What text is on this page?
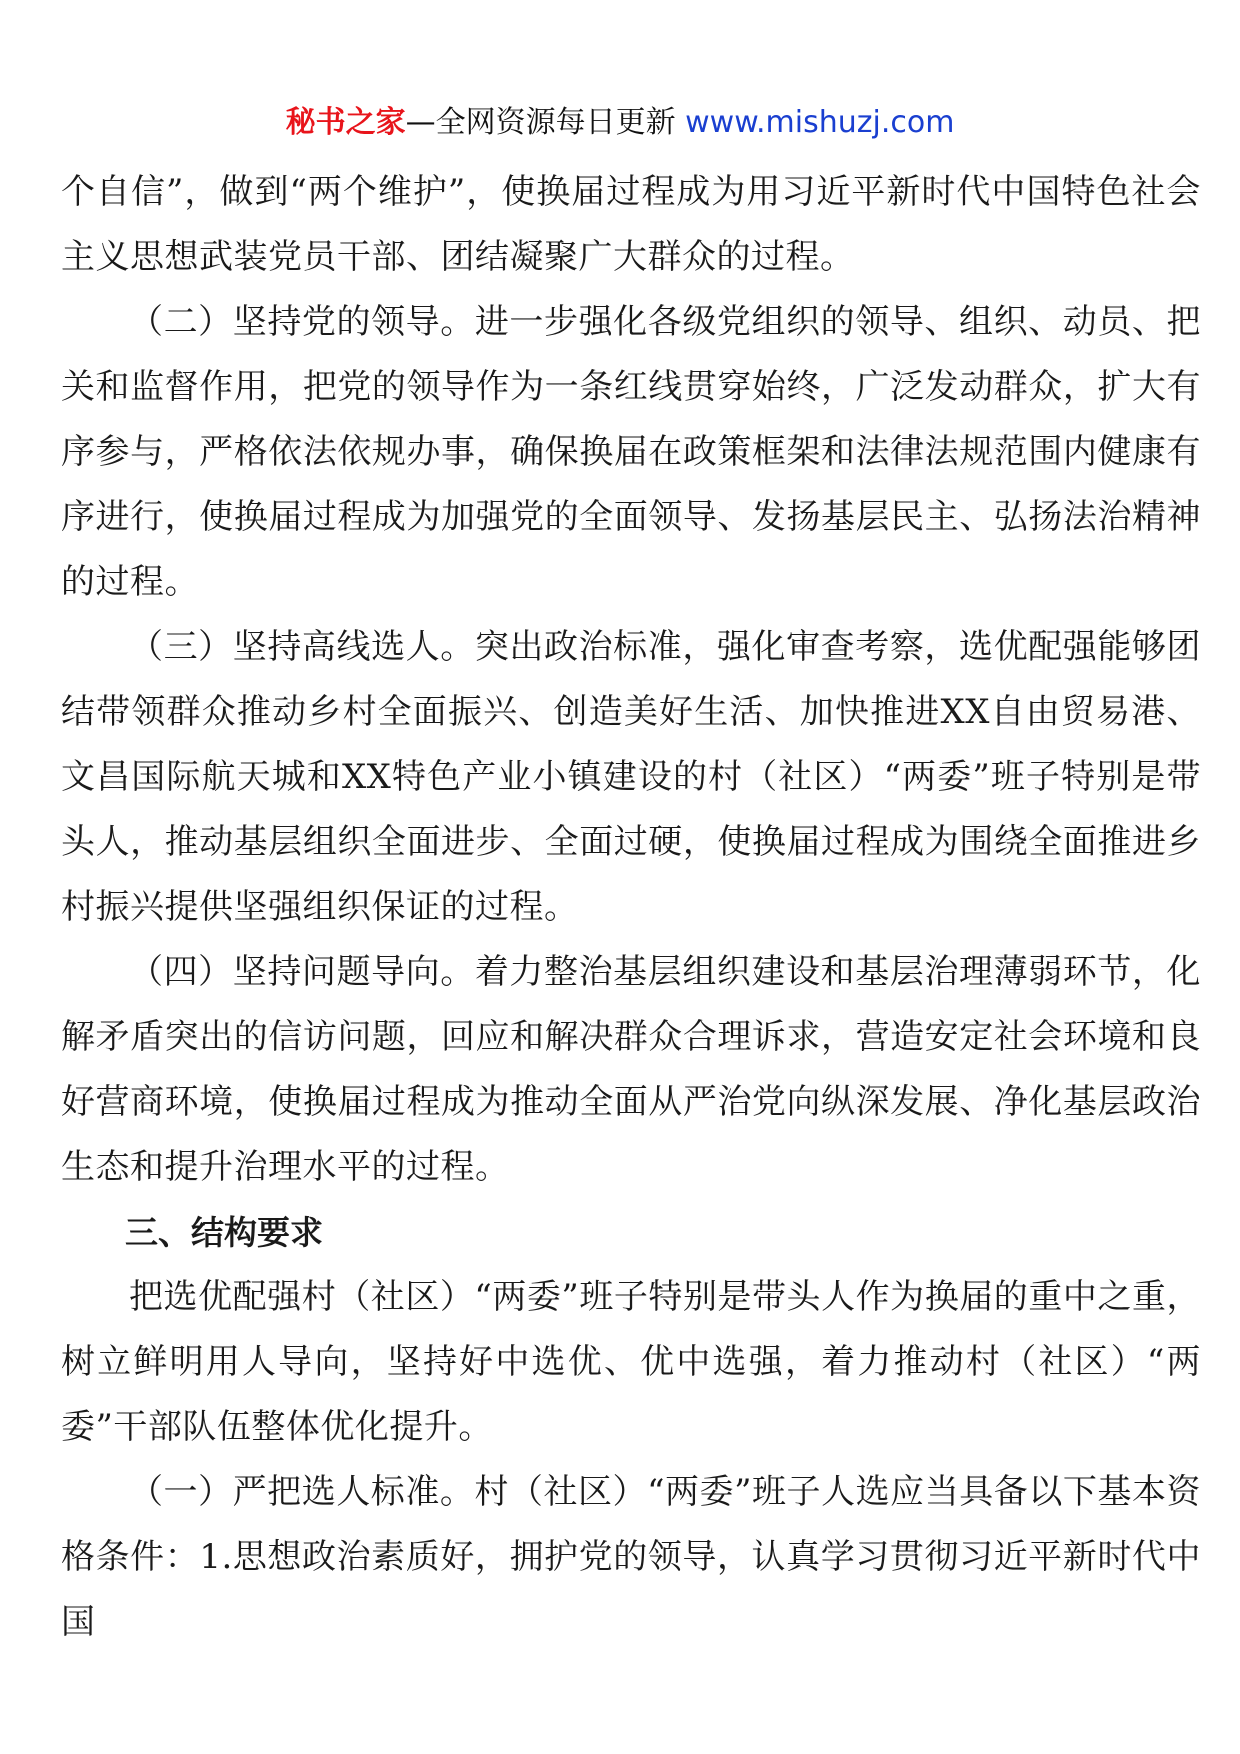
秘书之家—全网资源每日更新 www.mishuzj.com

个自信”，做到“两个维护”，使换届过程成为用习近平新时代中国特色社会主义思想武装党员干部、团结凝聚广大群众的过程。

（二）坚持党的领导。进一步强化各级党组织的领导、组织、动员、把关和监督作用，把党的领导作为一条红线贯穿始终，广泛发动群众，扩大有序参与，严格依法依规办事，确保换届在政策框架和法律法规范围内健康有序进行，使换届过程成为加强党的全面领导、发扬基层民主、弘扬法治精神的过程。

（三）坚持高线选人。突出政治标准，强化审查考察，选优配强能够团结带领群众推动乡村全面振兴、创造美好生活、加快推进XX自由贸易港、文昌国际航天城和XX特色产业小镇建设的村（社区）“两委”班子特别是带头人，推动基层组织全面进步、全面过硬，使换届过程成为围绕全面推进乡村振兴提供坚强组织保证的过程。

（四）坚持问题导向。着力整治基层组织建设和基层治理薄弱环节，化解矛盾突出的信访问题，回应和解决群众合理诉求，营造安定社会环境和良好营商环境，使换届过程成为推动全面从严治党向纵深发展、净化基层政治生态和提升治理水平的过程。

三、结构要求

把选优配强村（社区）“两委”班子特别是带头人作为换届的重中之重，树立鲜明用人导向，坚持好中选优、优中选强，着力推动村（社区）“两委”干部队伍整体优化提升。

（一）严把选人标准。村（社区）“两委”班子人选应当具备以下基本资格条件：1.思想政治素质好，拥护党的领导，认真学习贯彻习近平新时代中国
